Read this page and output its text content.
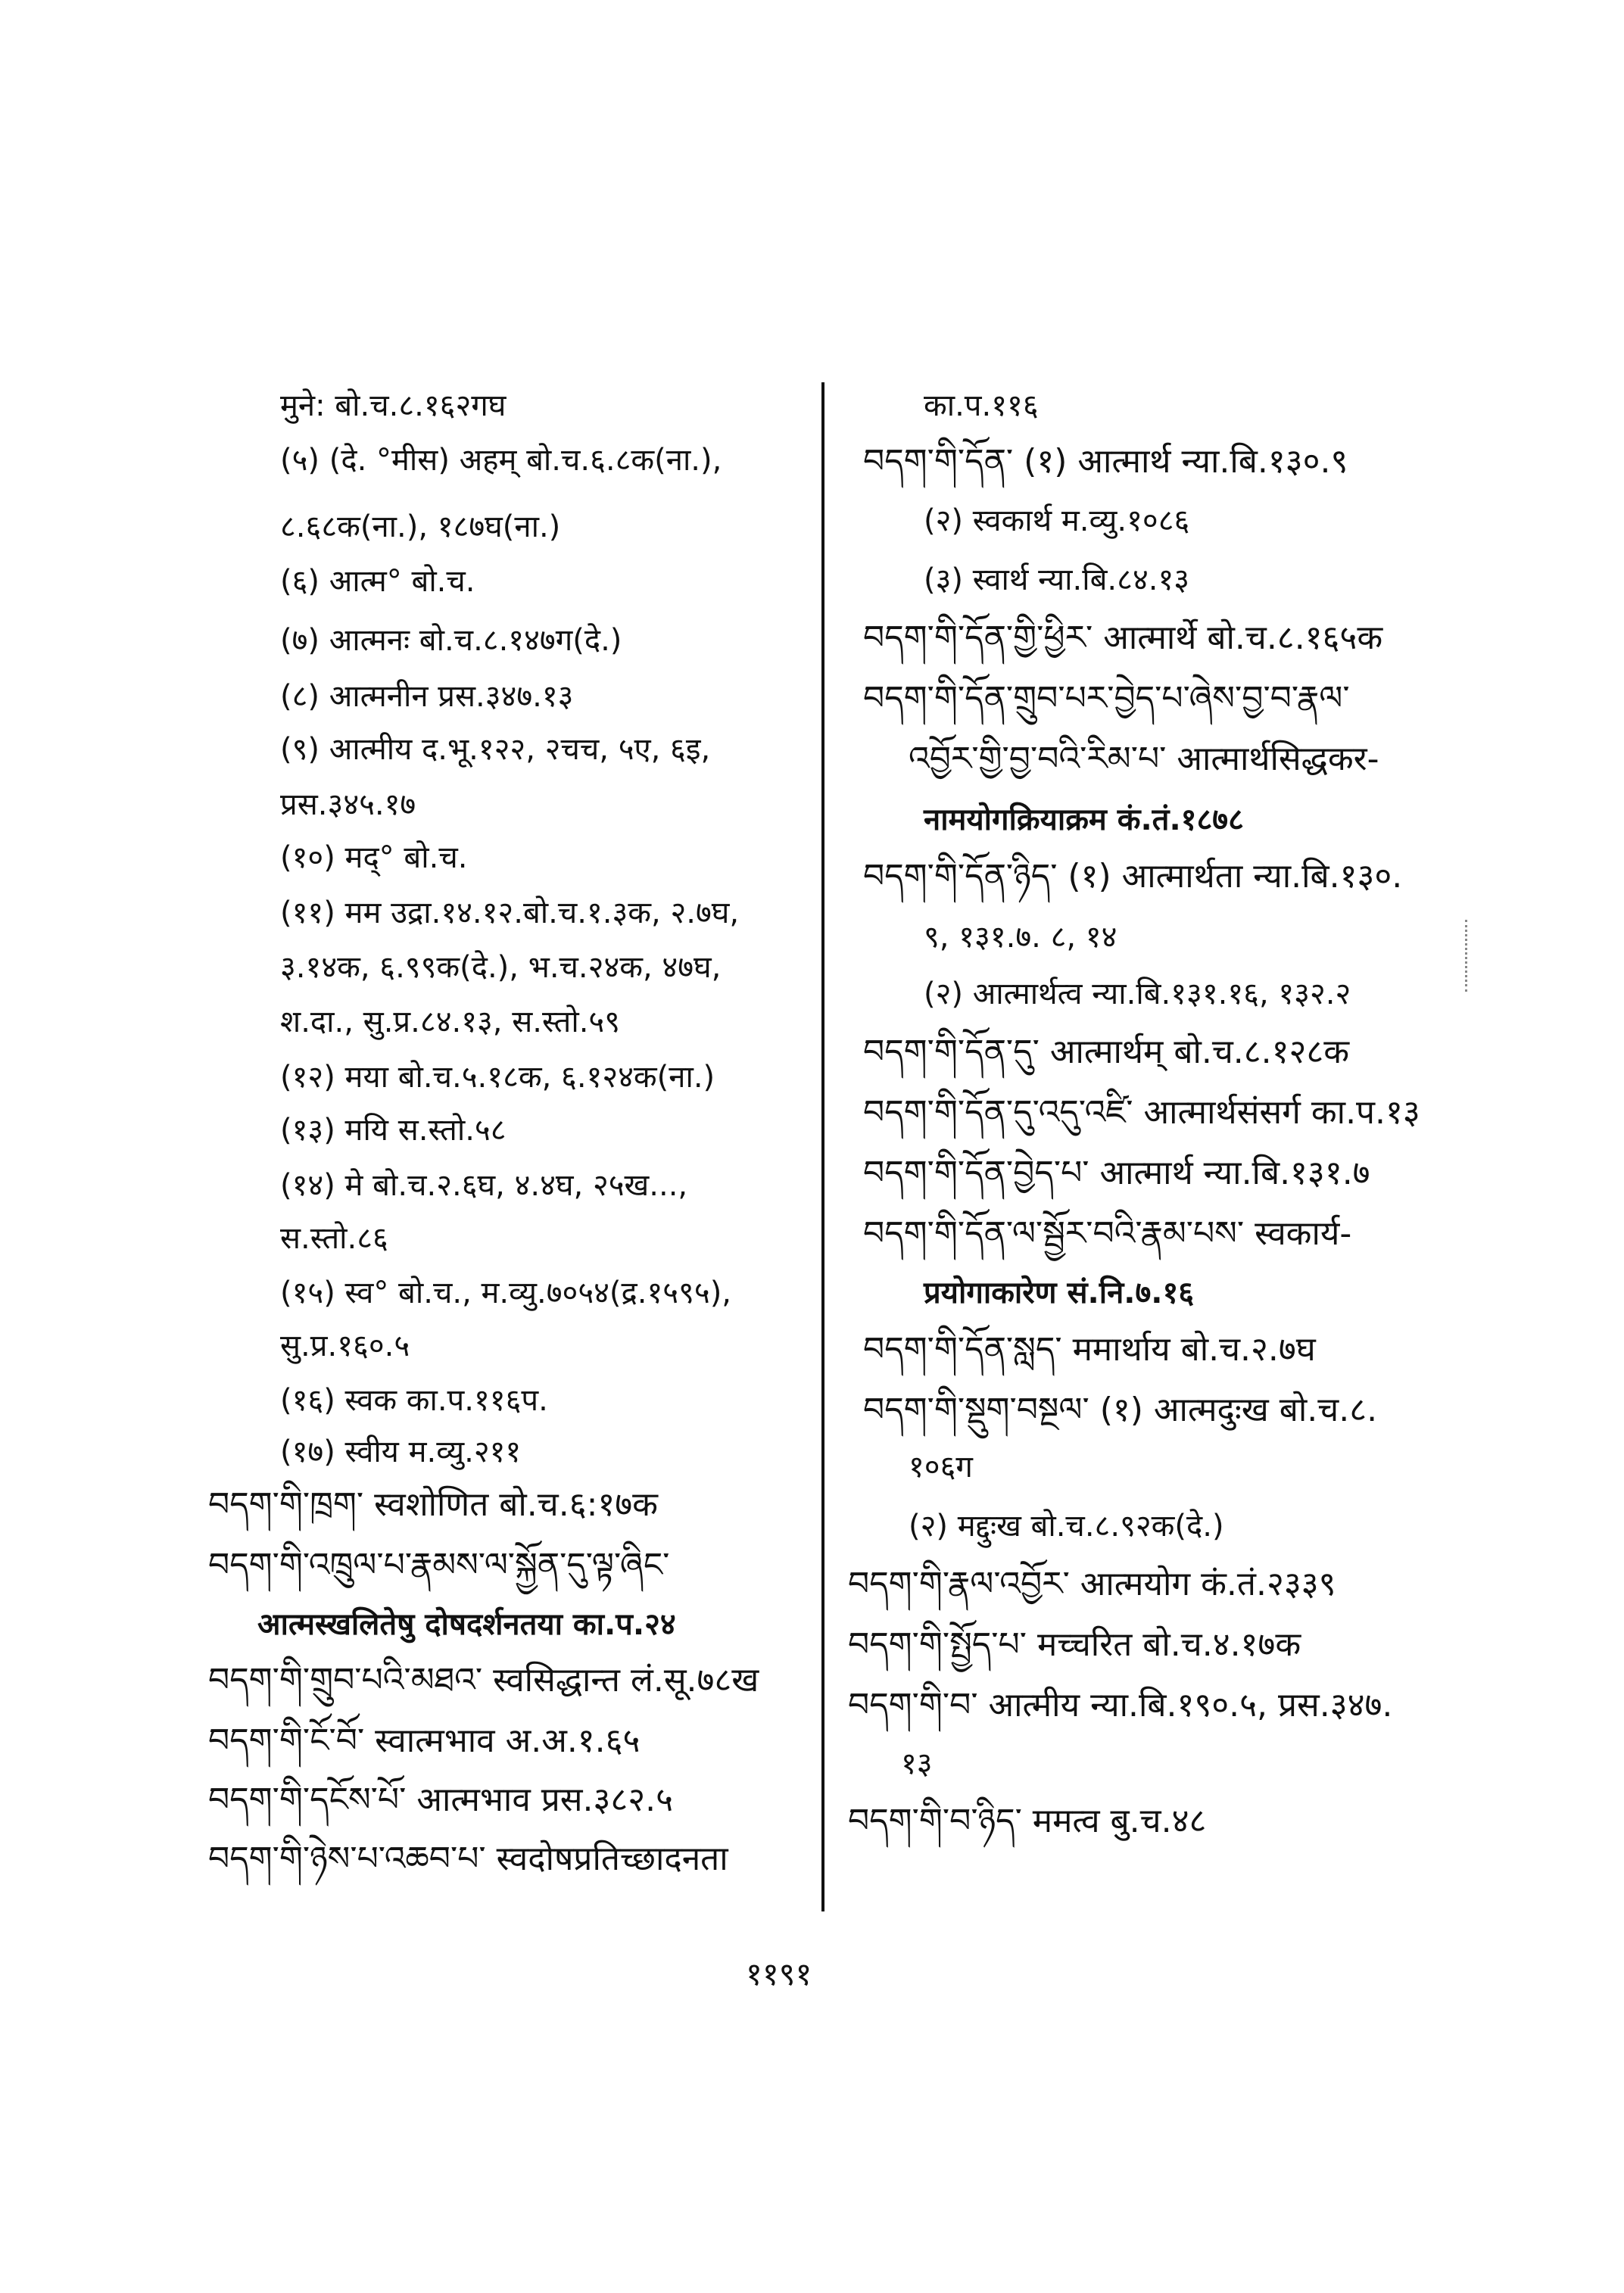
मुने: बो.च.८.१६२गघ
(५) (दे. °मीस) अहम् बो.च.६.८क(ना.),
८.६८क(ना.), १८७घ(ना.)
(६) आत्म° बो.च.
(७) आत्मनः बो.च.८.१४७ग(दे.)
(८) आत्मनीन प्रस.३४७.१३
(९) आत्मीय द.भू.१२२, २चच, ५ए, ६इ,
प्रस.३४५.१७
(१०) मद्° बो.च.
(११) मम उद्रा.१४.१२.बो.च.१.३क, २.७घ,
३.१४क, ६.९९क(दे.), भ.च.२४क, ४७घ,
श.दा., सु.प्र.८४.१३, स.स्तो.५९
(१२) मया बो.च.५.१८क, ६.१२४क(ना.)
(१३) मयि स.स्तो.५८
(१४) मे बो.च.२.६घ, ४.४घ, २५ख...,
स.स्तो.८६
(१५) स्व° बो.च., म.व्यु.७०५४(द्र.१५९५),
सु.प्र.१६०.५
(१६) स्वक का.प.११६प.
(१७) स्वीय म.व्यु.२११
བདག་གི་ཁྲག་ स्वशोणित बो.च.६:१७क
བདག་གི་འཁྲུལ་པ་རྣམས་ལ་སྐྱོན་དུ་ལྟ་ཞིང་
आत्मस्खलितेषु दोषदर्शनतया का.प.२४
བདག་གི་གྲུབ་པའི་མཐའ་ स्वसिद्धान्त लं.सू.७८ख
བདག་གི་ངོ་བོ་ स्वात्मभाव अ.अ.१.६५
བདག་གི་དངོས་པོ་ आत्मभाव प्रस.३८२.५
བདག་གི་ཉེས་པ་འཆབ་པ་ स्वदोषप्रतिच्छादनता
का.प.११६
བདག་གི་དོན་ (१) आत्मार्थ न्या.बि.१३०.९
(२) स्वकार्थ म.व्यु.१०८६
(३) स्वार्थ न्या.बि.८४.१३
བདག་གི་དོན་གྱི་ཕྱིར་ आत्मार्थे बो.च.८.१६५क
བདག་གི་དོན་གྲུབ་པར་བྱེད་པ་ཞེས་བྱ་བ་རྣལ་
འབྱོར་གྱི་བྱ་བའི་རིམ་པ་ आत्मार्थसिद्धकर-
नामयोगक्रियाक्रम कं.तं.१८७८
བདག་གི་དོན་ཉིད་ (१) आत्मार्थता न्या.बि.१३०.
९, १३१.७. ८, १४
(२) आत्मार्थत्व न्या.बि.१३१.१६, १३२.२
བདག་གི་དོན་དུ་ आत्मार्थम् बो.च.८.१२८क
བདག་གི་དོན་དུ་འདུ་འཛི་ आत्मार्थसंसर्ग का.प.१३
བདག་གི་དོན་བྱེད་པ་ आत्मार्थ न्या.बि.१३१.७
བདག་གི་དོན་ལ་སྦྱོར་བའི་རྣམ་པས་ स्वकार्य-
प्रयोगाकारेण सं.नि.७.१६
བདག་གི་དོན་སླད་ ममार्थाय बो.च.२.७घ
བདག་གི་སྡུག་བསྔལ་ (१) आत्मदुःख बो.च.८.
१०६ग
(२) मद्दुःख बो.च.८.९२क(दे.)
བདག་གི་རྣལ་འབྱོར་ आत्मयोग कं.तं.२३३९
བདག་གི་སྤྱོད་པ་ मच्चरित बो.च.४.१७क
བདག་གི་བ་ आत्मीय न्या.बि.१९०.५, प्रस.३४७.
१३
བདག་གི་བ་ཉིད་ ममत्व बु.च.४८
११९१
